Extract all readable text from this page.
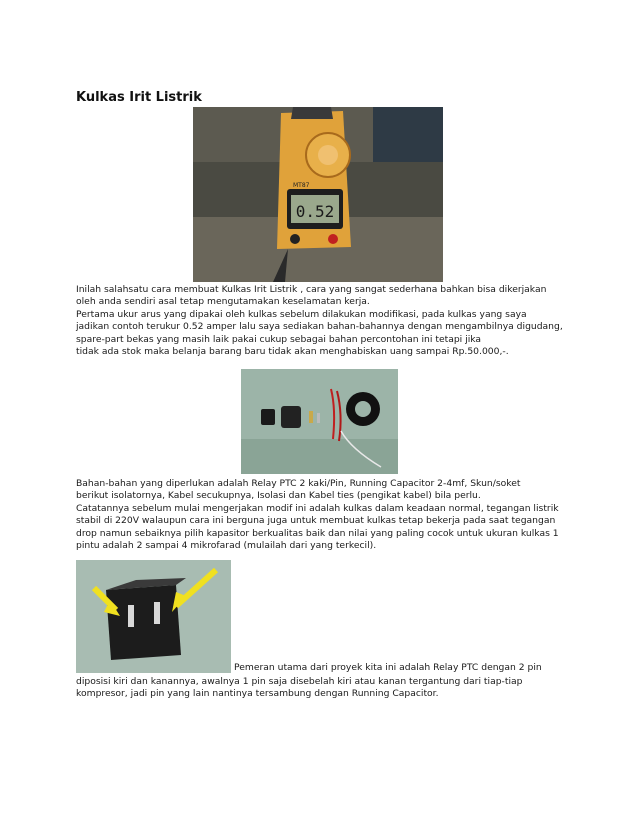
Kulkas Irit Listrik
0.52
MT87
Inilah salahsatu cara membuat Kulkas Irit Listrik , cara yang sangat sederhana bahkan bisa dikerjakan
oleh anda sendiri asal tetap mengutamakan keselamatan kerja.
Pertama ukur arus yang dipakai oleh kulkas sebelum dilakukan modifikasi, pada kulkas yang saya
jadikan contoh terukur 0.52 amper lalu saya sediakan bahan-bahannya dengan mengambilnya digudang,
spare-part bekas yang masih laik pakai cukup sebagai bahan percontohan ini tetapi jika
tidak ada stok maka belanja barang baru tidak akan menghabiskan uang sampai Rp.50.000,-.
Bahan-bahan yang diperlukan adalah Relay PTC 2 kaki/Pin, Running Capacitor 2-4mf, Skun/soket
berikut isolatornya, Kabel secukupnya, Isolasi dan Kabel ties (pengikat kabel) bila perlu.
Catatannya sebelum mulai mengerjakan modif ini adalah kulkas dalam keadaan normal, tegangan listrik
stabil di 220V walaupun cara ini berguna juga untuk membuat kulkas tetap bekerja pada saat tegangan
drop namun sebaiknya pilih kapasitor berkualitas baik dan nilai yang paling cocok untuk ukuran kulkas 1
pintu adalah 2 sampai 4 mikrofarad (mulailah dari yang terkecil).
Pemeran utama dari proyek kita ini adalah Relay PTC dengan 2 pin
diposisi kiri dan kanannya, awalnya 1 pin saja disebelah kiri atau kanan tergantung dari tiap-tiap
kompresor, jadi pin yang lain nantinya tersambung dengan Running Capacitor.
